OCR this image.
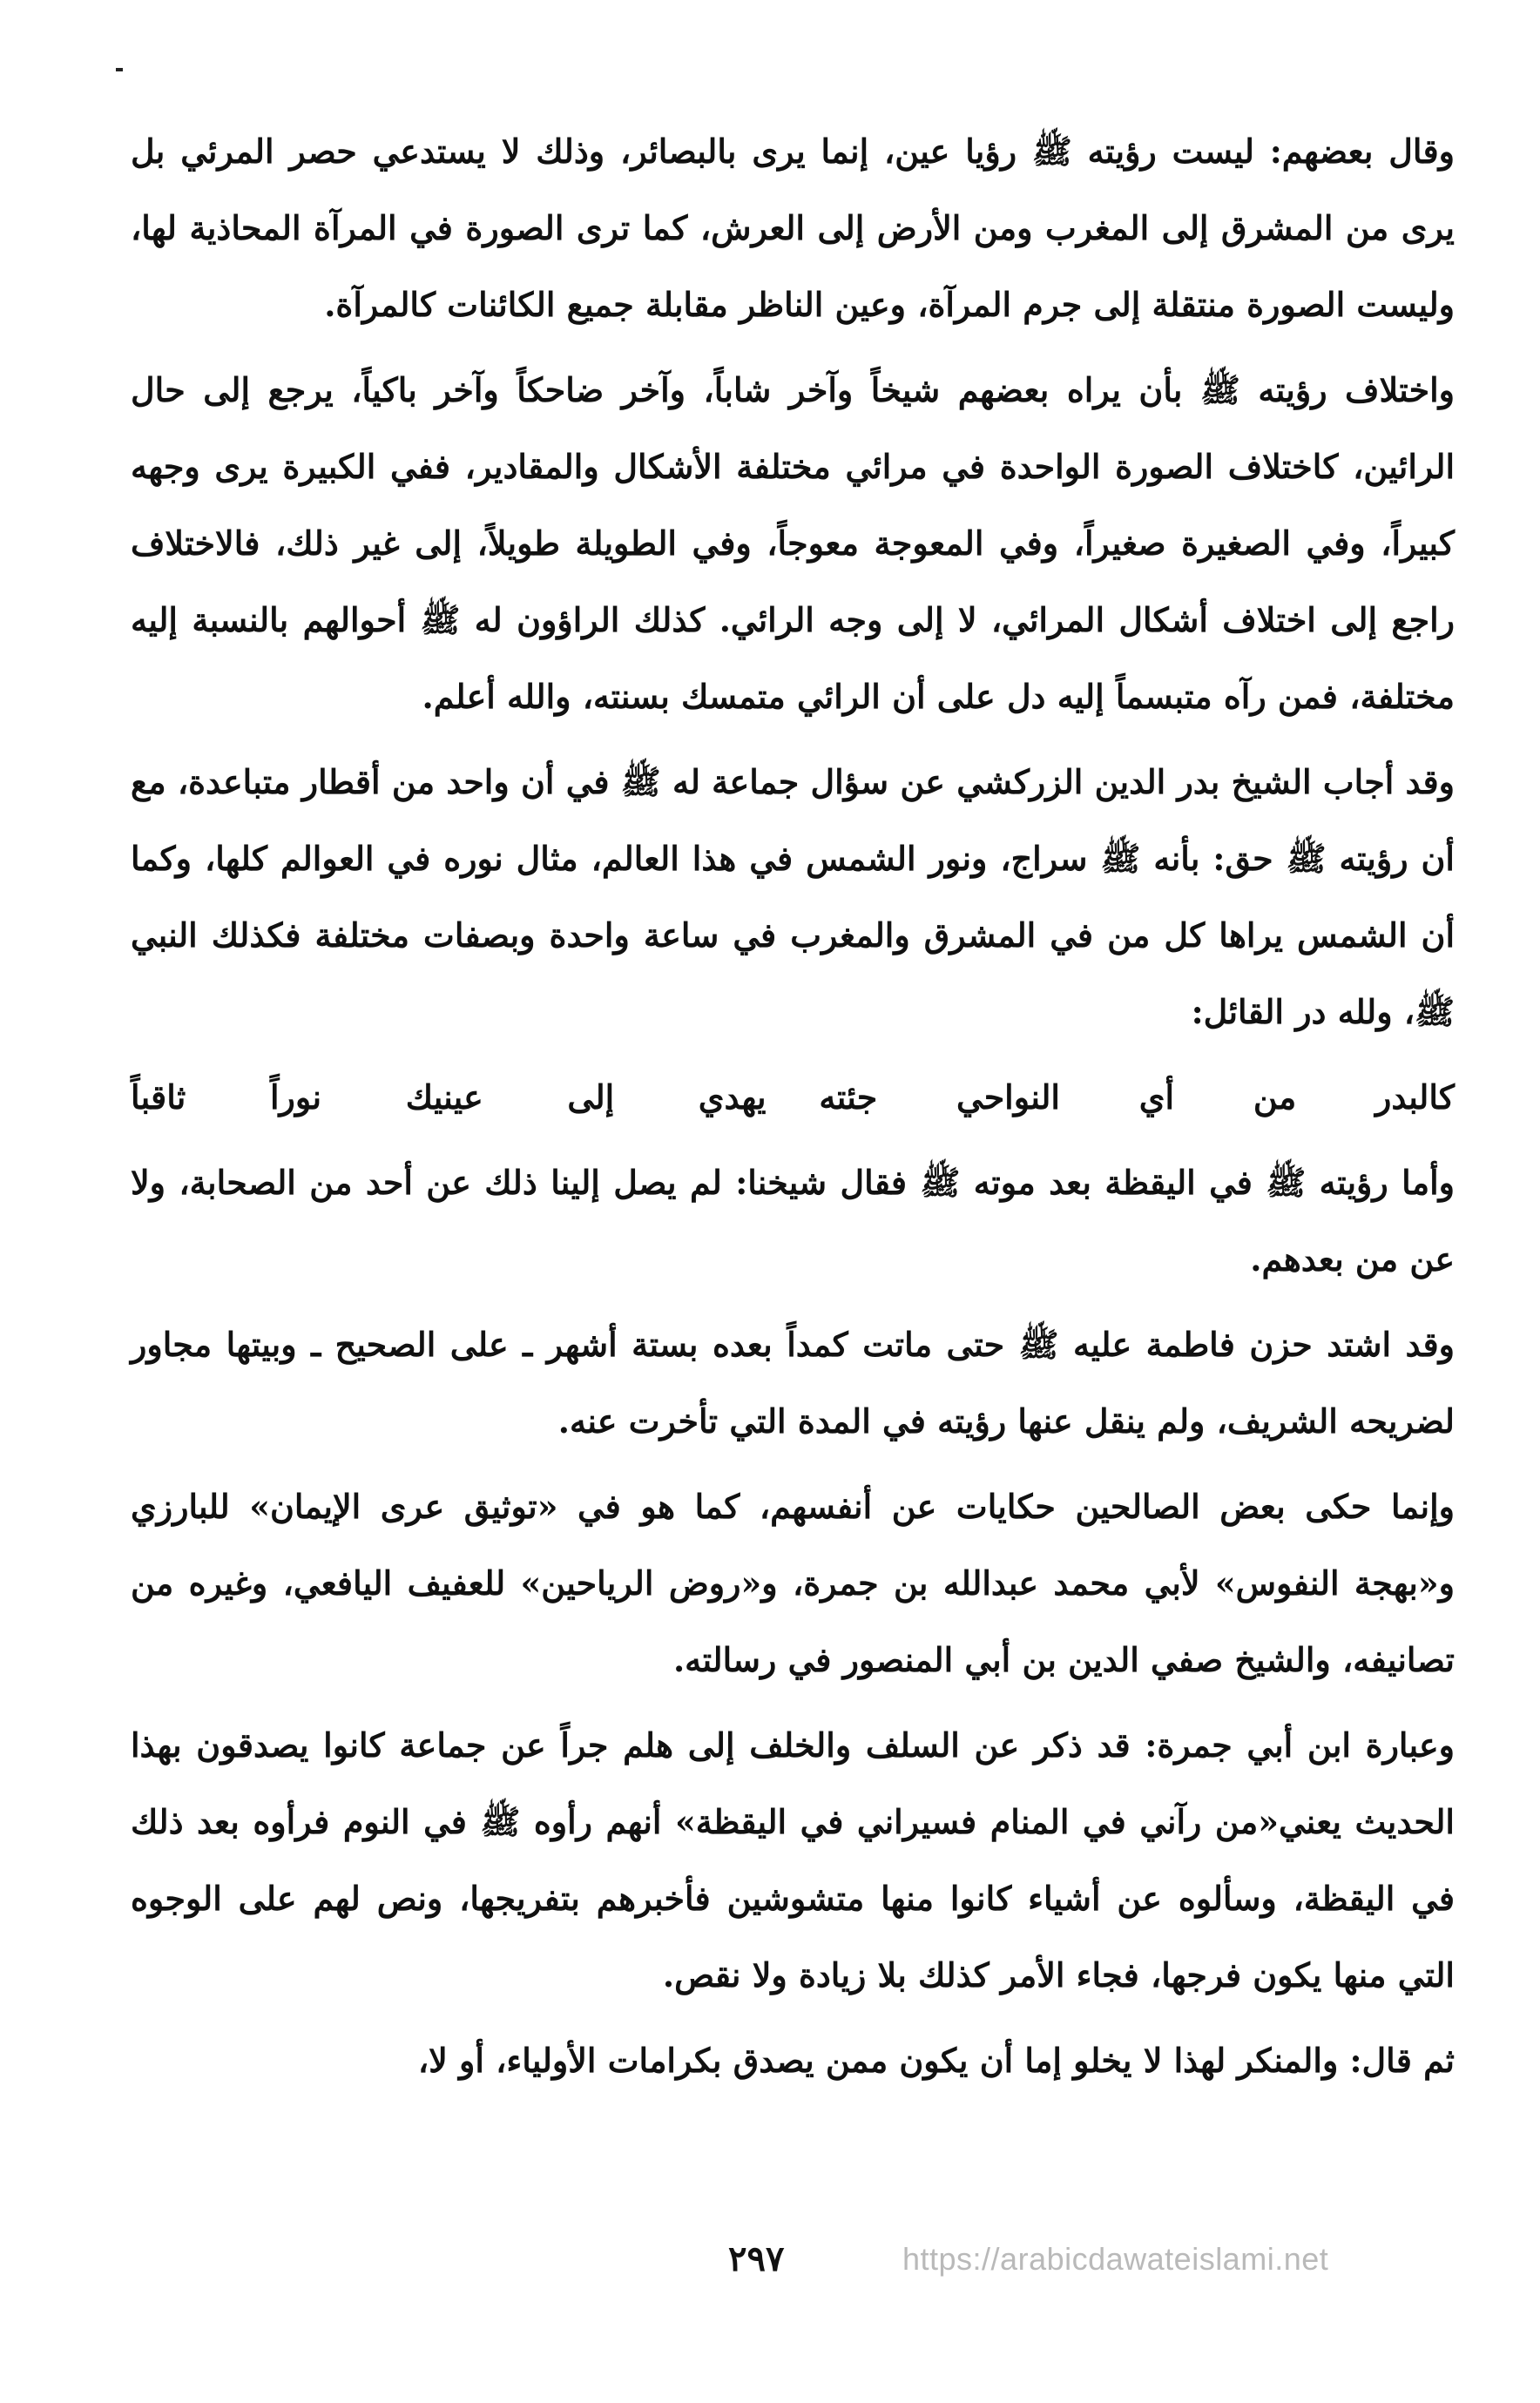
وقال بعضهم: ليست رؤيته ﷺ رؤيا عين، إنما يرى بالبصائر، وذلك لا يستدعي حصر المرئي بل يرى من المشرق إلى المغرب ومن الأرض إلى العرش، كما ترى الصورة في المرآة المحاذية لها، وليست الصورة منتقلة إلى جرم المرآة، وعين الناظر مقابلة جميع الكائنات كالمرآة.

واختلاف رؤيته ﷺ بأن يراه بعضهم شيخاً وآخر شاباً، وآخر ضاحكاً وآخر باكياً، يرجع إلى حال الرائين، كاختلاف الصورة الواحدة في مرائي مختلفة الأشكال والمقادير، ففي الكبيرة يرى وجهه كبيراً، وفي الصغيرة صغيراً، وفي المعوجة معوجاً، وفي الطويلة طويلاً، إلى غير ذلك، فالاختلاف راجع إلى اختلاف أشكال المرائي، لا إلى وجه الرائي. كذلك الراؤون له ﷺ أحوالهم بالنسبة إليه مختلفة، فمن رآه متبسماً إليه دل على أن الرائي متمسك بسنته، والله أعلم.

وقد أجاب الشيخ بدر الدين الزركشي عن سؤال جماعة له ﷺ في أن واحد من أقطار متباعدة، مع أن رؤيته ﷺ حق: بأنه ﷺ سراج، ونور الشمس في هذا العالم، مثال نوره في العوالم كلها، وكما أن الشمس يراها كل من في المشرق والمغرب في ساعة واحدة وبصفات مختلفة فكذلك النبي ﷺ، ولله در القائل:

كالبدر من أي النواحي جئته
يهدي إلى عينيك نوراً ثاقباً

وأما رؤيته ﷺ في اليقظة بعد موته ﷺ فقال شيخنا: لم يصل إلينا ذلك عن أحد من الصحابة، ولا عن من بعدهم.

وقد اشتد حزن فاطمة عليه ﷺ حتى ماتت كمداً بعده بستة أشهر ـ على الصحيح ـ وبيتها مجاور لضريحه الشريف، ولم ينقل عنها رؤيته في المدة التي تأخرت عنه.

وإنما حكى بعض الصالحين حكايات عن أنفسهم، كما هو في «توثيق عرى الإيمان» للبارزي و«بهجة النفوس» لأبي محمد عبدالله بن جمرة، و«روض الرياحين» للعفيف اليافعي، وغيره من تصانيفه، والشيخ صفي الدين بن أبي المنصور في رسالته.

وعبارة ابن أبي جمرة: قد ذكر عن السلف والخلف إلى هلم جراً عن جماعة كانوا يصدقون بهذا الحديث يعني«من رآني في المنام فسيراني في اليقظة» أنهم رأوه ﷺ في النوم فرأوه بعد ذلك في اليقظة، وسألوه عن أشياء كانوا منها متشوشين فأخبرهم بتفريجها، ونص لهم على الوجوه التي منها يكون فرجها، فجاء الأمر كذلك بلا زيادة ولا نقص.

ثم قال: والمنكر لهذا لا يخلو إما أن يكون ممن يصدق بكرامات الأولياء، أو لا،

٢٩٧	https://arabicdawateislami.net
